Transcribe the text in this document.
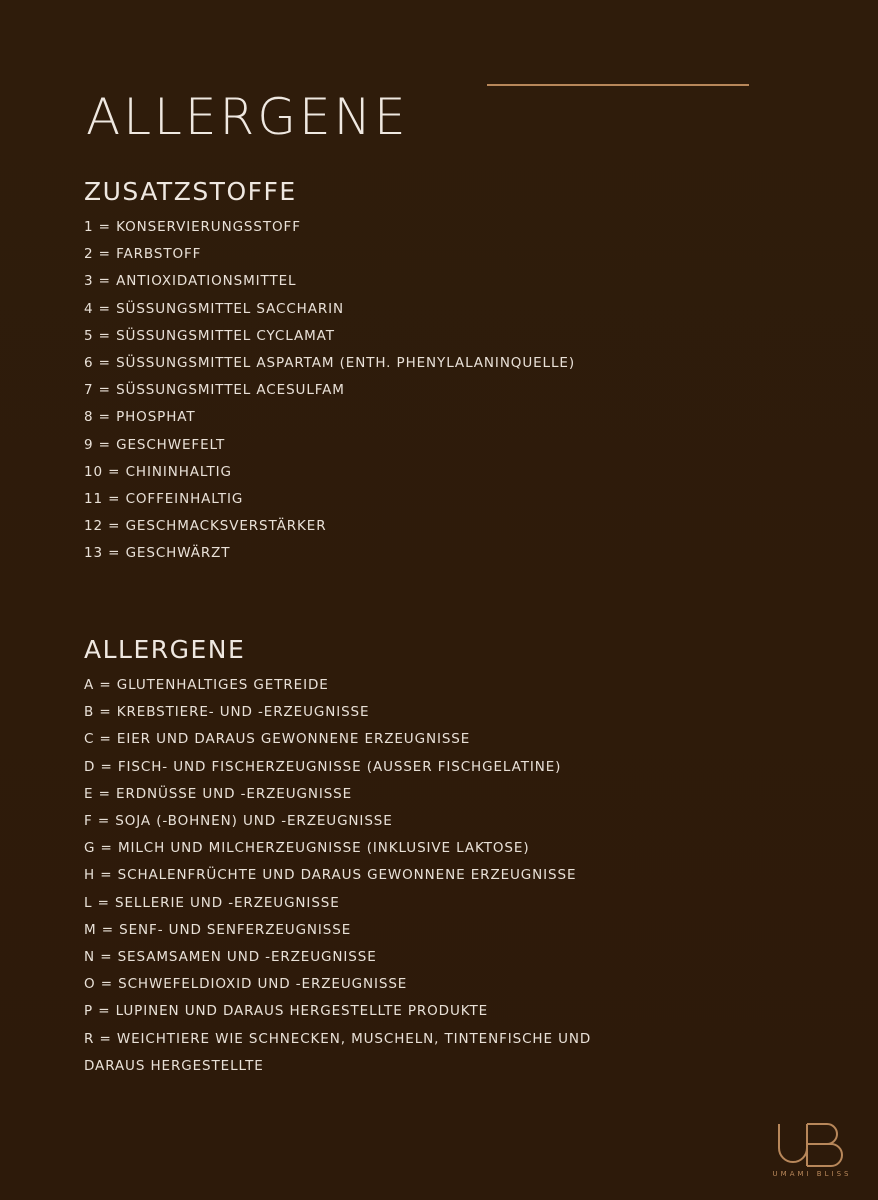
ALLERGENE
ZUSATZSTOFFE
1 = KONSERVIERUNGSSTOFF
2 = FARBSTOFF
3 = ANTIOXIDATIONSMITTEL
4 = SÜSSUNGSMITTEL SACCHARIN
5 = SÜSSUNGSMITTEL CYCLAMAT
6 = SÜSSUNGSMITTEL ASPARTAM (ENTH. PHENYLALANINQUELLE)
7 = SÜSSUNGSMITTEL ACESULFAM
8 = PHOSPHAT
9 = GESCHWEFELT
10 = CHININHALTIG
11 = COFFEINHALTIG
12 = GESCHMACKSVERSTÄRKER
13 = GESCHWÄRZT
ALLERGENE
A = GLUTENHALTIGES GETREIDE
B = KREBSTIERE- UND -ERZEUGNISSE
C = EIER UND DARAUS GEWONNENE ERZEUGNISSE
D = FISCH- UND FISCHERZEUGNISSE (AUSSER FISCHGELATINE)
E = ERDNÜSSE UND -ERZEUGNISSE
F = SOJA (-BOHNEN) UND -ERZEUGNISSE
G = MILCH UND MILCHERZEUGNISSE (INKLUSIVE LAKTOSE)
H = SCHALENFRÜCHTE UND DARAUS GEWONNENE ERZEUGNISSE
L = SELLERIE UND -ERZEUGNISSE
M = SENF- UND SENFERZEUGNISSE
N = SESAMSAMEN UND -ERZEUGNISSE
O = SCHWEFELDIOXID UND -ERZEUGNISSE
P = LUPINEN UND DARAUS HERGESTELLTE PRODUKTE
R = WEICHTIERE WIE SCHNECKEN, MUSCHELN, TINTENFISCHE UND DARAUS HERGESTELLTE
UMAMI BLISS
